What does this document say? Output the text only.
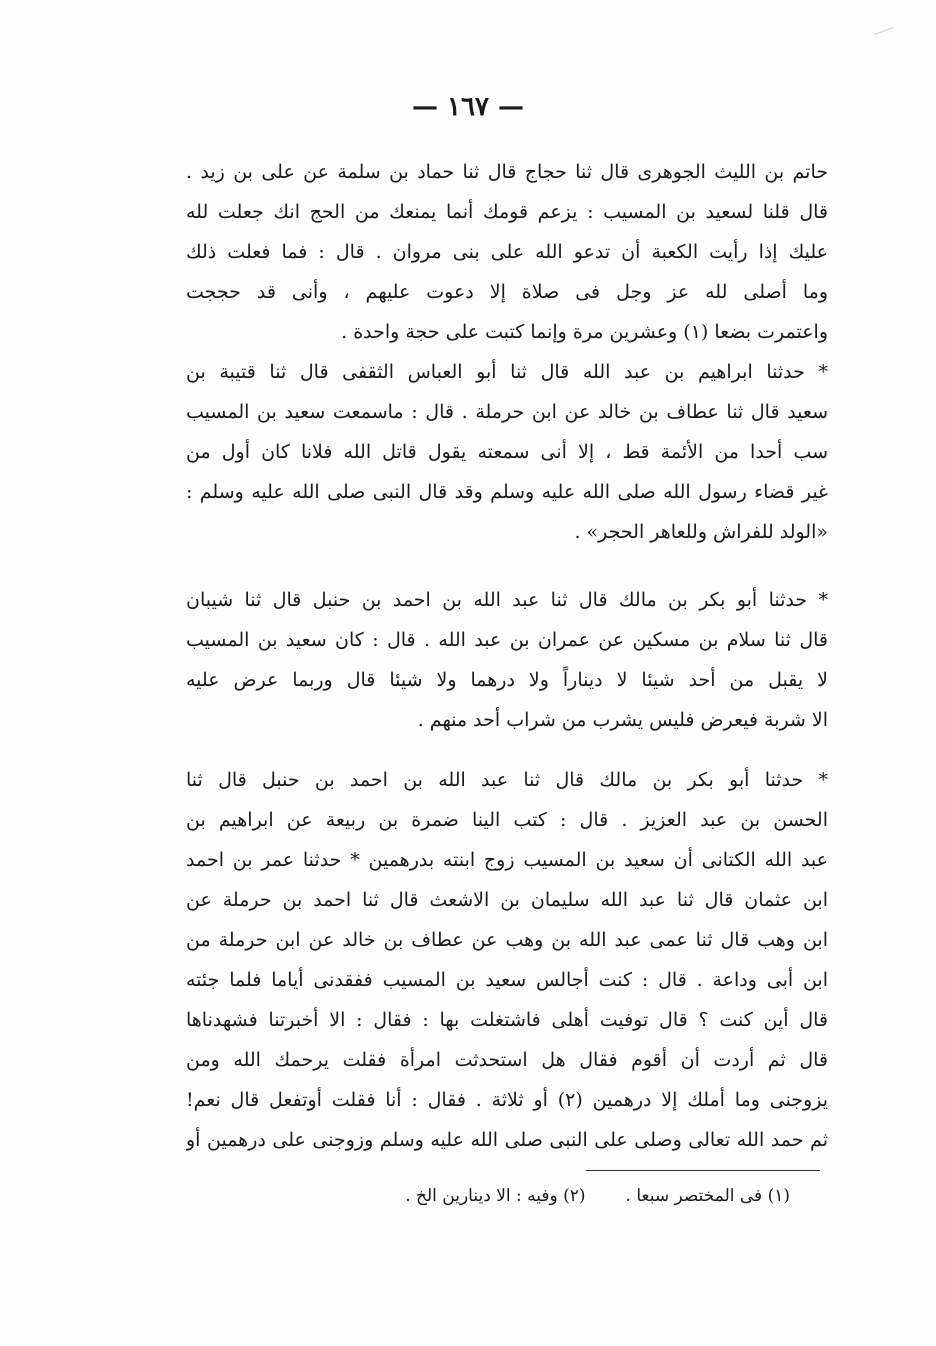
— ١٦٧ —
حاتم بن الليث الجوهرى قال ثنا حجاج قال ثنا حماد بن سلمة عن على بن زيد .
قال قلنا لسعيد بن المسيب : يزعم قومك أنما يمنعك من الحج انك جعلت لله
عليك إذا رأيت الكعبة أن تدعو الله على بنى مروان . قال : فما فعلت ذلك
وما أصلى لله عز وجل فى صلاة إلا دعوت عليهم ، وأنى قد حججت
واعتمرت بضعا (١) وعشرين مرة وإنما كتبت على حجة واحدة .
* حدثنا ابراهيم بن عبد الله قال ثنا أبو العباس الثقفى قال ثنا قتيبة بن
سعيد قال ثنا عطاف بن خالد عن ابن حرملة . قال : ماسمعت سعيد بن المسيب
سب أحدا من الأئمة قط ، إلا أنى سمعته يقول قاتل الله فلانا كان أول من
غير قضاء رسول الله صلى الله عليه وسلم وقد قال النبى صلى الله عليه وسلم :
«الولد للفراش وللعاهر الحجر» .
* حدثنا أبو بكر بن مالك قال ثنا عبد الله بن احمد بن حنبل قال ثنا شيبان
قال ثنا سلام بن مسكين عن عمران بن عبد الله . قال : كان سعيد بن المسيب
لا يقبل من أحد شيئا لا ديناراً ولا درهما ولا شيئا قال وربما عرض عليه
الا شربة فيعرض فليس يشرب من شراب أحد منهم .
* حدثنا أبو بكر بن مالك قال ثنا عبد الله بن احمد بن حنبل قال ثنا
الحسن بن عبد العزيز . قال : كتب الينا ضمرة بن ربيعة عن ابراهيم بن
عبد الله الكتانى أن سعيد بن المسيب زوج ابنته بدرهمين * حدثنا عمر بن احمد
ابن عثمان قال ثنا عبد الله سليمان بن الاشعث قال ثنا احمد بن حرملة عن
ابن وهب قال ثنا عمى عبد الله بن وهب عن عطاف بن خالد عن ابن حرملة من
ابن أبى وداعة . قال : كنت أجالس سعيد بن المسيب ففقدنى أياما فلما جئته
قال أين كنت ؟ قال توفيت أهلى فاشتغلت بها : فقال : الا أخبرتنا فشهدناها
قال ثم أردت أن أقوم فقال هل استحدثت امرأة فقلت يرحمك الله ومن
يزوجنى وما أملك إلا درهمين (٢) أو ثلاثة . فقال : أنا فقلت أوتفعل قال نعم!
ثم حمد الله تعالى وصلى على النبى صلى الله عليه وسلم وزوجنى على درهمين أو
(١) فى المختصر سبعا .(٢) وفيه : الا دينارين الخ .
